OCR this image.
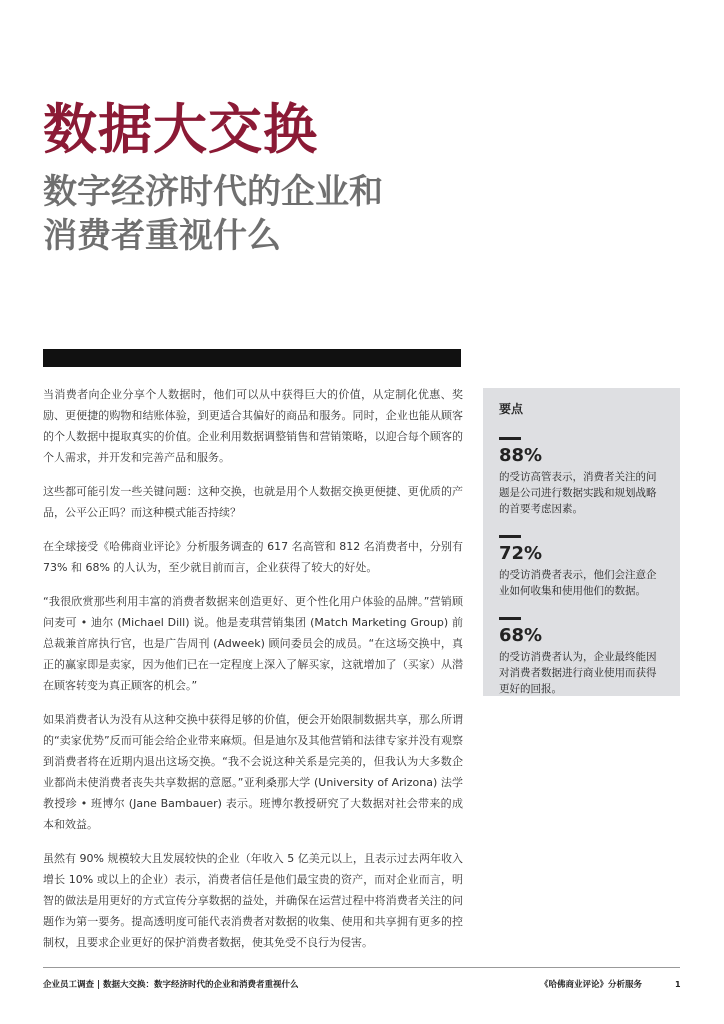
数据大交换
数字经济时代的企业和
消费者重视什么

当消费者向企业分享个人数据时，他们可以从中获得巨大的价值，从定制化优惠、奖励、更便捷的购物和结账体验，到更适合其偏好的商品和服务。同时，企业也能从顾客的个人数据中提取真实的价值。企业利用数据调整销售和营销策略，以迎合每个顾客的个人需求，并开发和完善产品和服务。

这些都可能引发一些关键问题：这种交换，也就是用个人数据交换更便捷、更优质的产品，公平公正吗？而这种模式能否持续？

在全球接受《哈佛商业评论》分析服务调查的 617 名高管和 812 名消费者中，分别有 73% 和 68% 的人认为，至少就目前而言，企业获得了较大的好处。

“我很欣赏那些利用丰富的消费者数据来创造更好、更个性化用户体验的品牌。”营销顾问麦可 • 迪尔 (Michael Dill) 说。他是麦琪营销集团 (Match Marketing Group) 前总裁兼首席执行官，也是广告周刊 (Adweek) 顾问委员会的成员。“在这场交换中，真正的赢家即是卖家，因为他们已在一定程度上深入了解买家，这就增加了（买家）从潜在顾客转变为真正顾客的机会。”

如果消费者认为没有从这种交换中获得足够的价值，便会开始限制数据共享，那么所谓的“卖家优势”反而可能会给企业带来麻烦。但是迪尔及其他营销和法律专家并没有观察到消费者将在近期内退出这场交换。“我不会说这种关系是完美的，但我认为大多数企业都尚未使消费者丧失共享数据的意愿。”亚利桑那大学 (University of Arizona) 法学教授珍 • 班博尔 (Jane Bambauer) 表示。班博尔教授研究了大数据对社会带来的成本和效益。

虽然有 90% 规模较大且发展较快的企业（年收入 5 亿美元以上，且表示过去两年收入增长 10% 或以上的企业）表示，消费者信任是他们最宝贵的资产，而对企业而言，明智的做法是用更好的方式宣传分享数据的益处，并确保在运营过程中将消费者关注的问题作为第一要务。提高透明度可能代表消费者对数据的收集、使用和共享拥有更多的控制权，且要求企业更好的保护消费者数据，使其免受不良行为侵害。

要点
88%
的受访高管表示，消费者关注的问题是公司进行数据实践和规划战略的首要考虑因素。
72%
的受访消费者表示，他们会注意企业如何收集和使用他们的数据。
68%
的受访消费者认为，企业最终能因对消费者数据进行商业使用而获得更好的回报。
企业员工调查 | 数据大交换：数字经济时代的企业和消费者重视什么	《哈佛商业评论》分析服务	1
